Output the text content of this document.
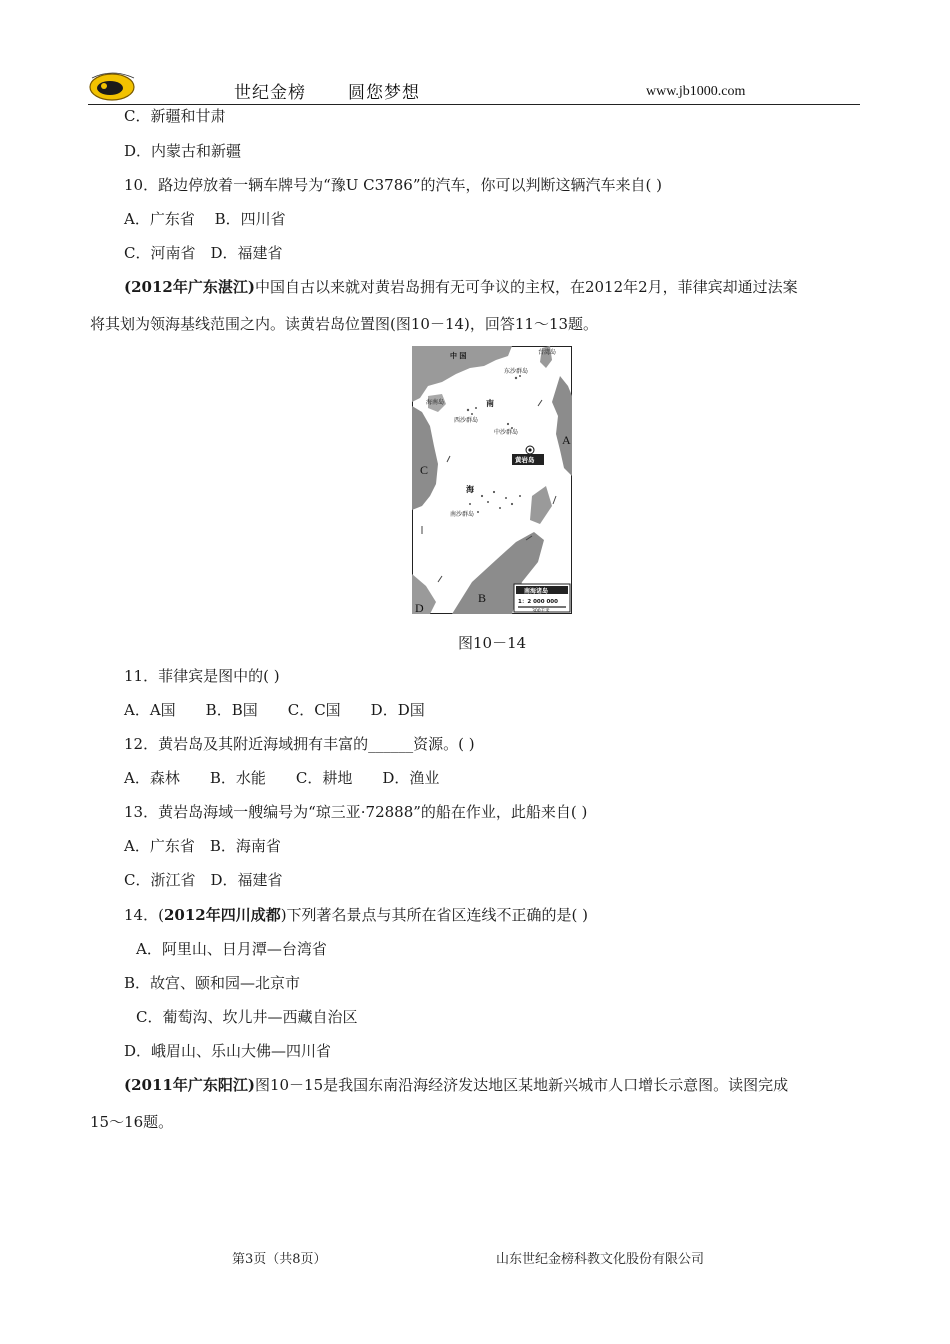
世纪金榜 圆您梦想	www.jb1000.com
C．新疆和甘肃
D．内蒙古和新疆
10．路边停放着一辆车牌号为“豫U C3786”的汽车，你可以判断这辆汽车来自( )
A．广东省　 B．四川省
C．河南省　D．福建省
(2012年广东湛江)中国自古以来就对黄岩岛拥有无可争议的主权，在2012年2月，菲律宾却通过法案
将其划为领海基线范围之内。读黄岩岛位置图(图10－14)，回答11～13题。
中 国	台湾岛
东沙群岛
海南岛	南
西沙群岛
中沙群岛
黄岩岛
海
南沙群岛
A
B
C
D
南海诸岛
1：2 000 000
300千米
图10－14
11．菲律宾是图中的( )
A．A国　　B．B国　　C．C国　　D．D国
12．黄岩岛及其附近海域拥有丰富的______资源。( )
A．森林　　B．水能　　C．耕地　　D．渔业
13．黄岩岛海域一艘编号为“琼三亚·72888”的船在作业，此船来自( )
A．广东省　B．海南省
C．浙江省　D．福建省
14．(2012年四川成都)下列著名景点与其所在省区连线不正确的是( )
A．阿里山、日月潭—台湾省
B．故宫、颐和园—北京市
C．葡萄沟、坎儿井—西藏自治区
D．峨眉山、乐山大佛—四川省
(2011年广东阳江)图10－15是我国东南沿海经济发达地区某地新兴城市人口增长示意图。读图完成
15～16题。
第3页（共8页）	山东世纪金榜科教文化股份有限公司
